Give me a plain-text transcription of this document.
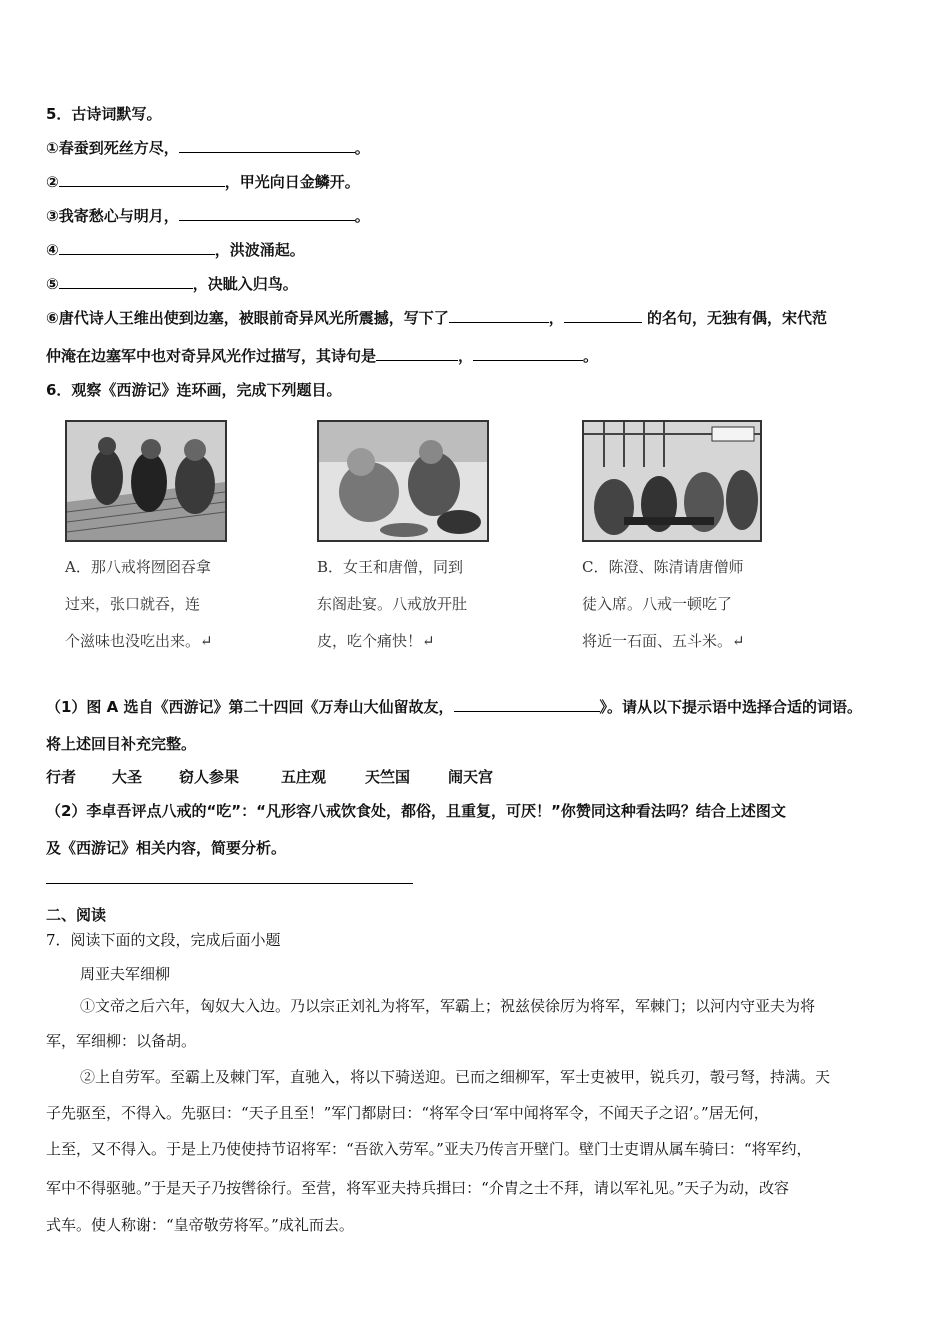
5．古诗词默写。
①春蚕到死丝方尽，	。
②	，甲光向日金鳞开。
③我寄愁心与明月，	。
④	，洪波涌起。
⑤	，决眦入归鸟。
⑥唐代诗人王维出使到边塞，被眼前奇异风光所震撼，写下了	，	的名句，无独有偶，宋代范
仲淹在边塞军中也对奇异风光作过描写，其诗句是	，	。
6．观察《西游记》连环画，完成下列题目。
A．那八戒将囫囵吞拿
过来，张口就吞，连
个滋味也没吃出来。↵
B．女王和唐僧，同到
东阁赴宴。八戒放开肚
皮，吃个痛快！↵
C．陈澄、陈清请唐僧师
徒入席。八戒一顿吃了
将近一石面、五斗米。↵
（1）图 A 选自《西游记》第二十四回《万寿山大仙留故友，	》。请从以下提示语中选择合适的词语。
将上述回目补充完整。
行者 大圣 窃人参果	五庄观	天竺国	闹天宫
（2）李卓吾评点八戒的“吃”：“凡形容八戒饮食处，都俗，且重复，可厌！”你赞同这种看法吗？结合上述图文
及《西游记》相关内容，简要分析。
二、阅读
7．阅读下面的文段，完成后面小题
周亚夫军细柳
①文帝之后六年，匈奴大入边。乃以宗正刘礼为将军，军霸上；祝兹侯徐厉为将军，军棘门；以河内守亚夫为将
军，军细柳：以备胡。
②上自劳军。至霸上及棘门军，直驰入，将以下骑送迎。已而之细柳军，军士吏被甲，锐兵刃，彀弓弩，持满。天
子先驱至，不得入。先驱曰：“天子且至！”军门都尉曰：“将军令曰‘军中闻将军令，不闻天子之诏’。”居无何，
上至，又不得入。于是上乃使使持节诏将军：“吾欲入劳军。”亚夫乃传言开壁门。壁门士吏谓从属车骑曰：“将军约，
军中不得驱驰。”于是天子乃按辔徐行。至营，将军亚夫持兵揖曰：“介胄之士不拜，请以军礼见。”天子为动，改容
式车。使人称谢：“皇帝敬劳将军。”成礼而去。
